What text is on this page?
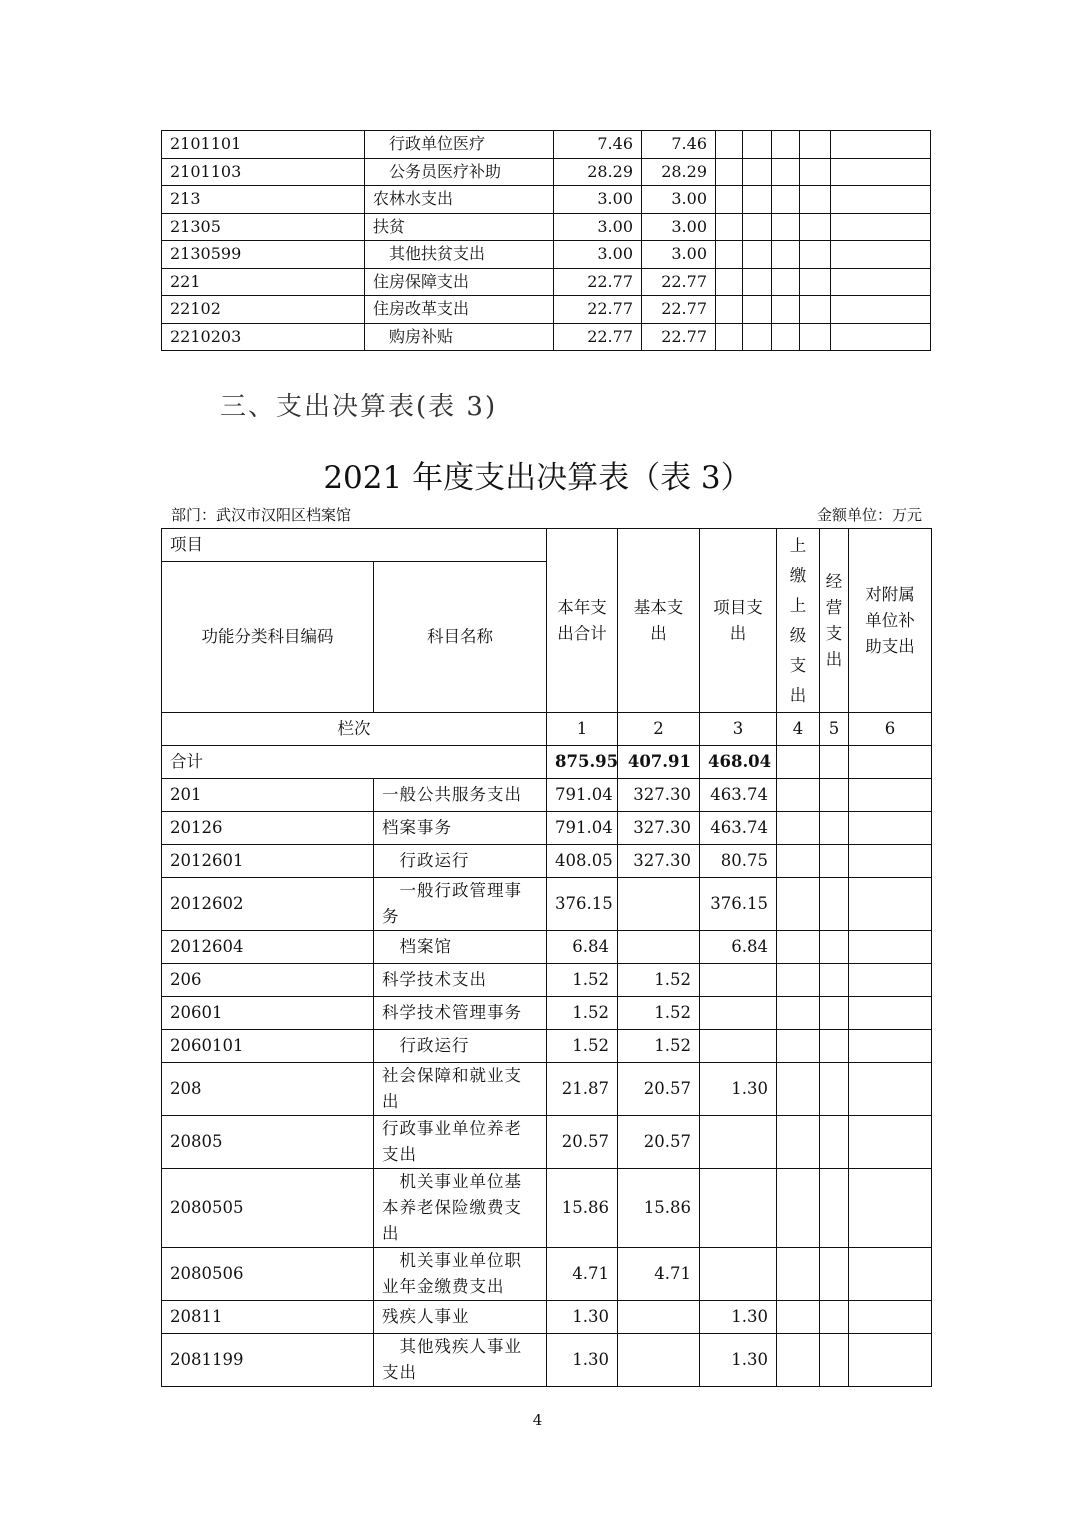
2101101	　行政单位医疗	7.46	7.46					
2101103	　公务员医疗补助	28.29	28.29					
213	农林水支出	3.00	3.00					
21305	扶贫	3.00	3.00					
2130599	　其他扶贫支出	3.00	3.00					
221	住房保障支出	22.77	22.77					
22102	住房改革支出	22.77	22.77					
2210203	　购房补贴	22.77	22.77					
三、支出决算表(表 3)
2021 年度支出决算表（表 3）
部门：武汉市汉阳区档案馆	金额单位：万元
项目		本年支出合计	基本支出	项目支出	上缴上级支出	经营支出	对附属单位补助支出
功能分类科目编码	科目名称						
栏次		1	2	3	4	5	6
合计		875.95	407.91	468.04			
201	一般公共服务支出	791.04	327.30	463.74			
20126	档案事务	791.04	327.30	463.74			
2012601	　行政运行	408.05	327.30	80.75			
2012602	　一般行政管理事务	376.15		376.15			
2012604	　档案馆	6.84		6.84			
206	科学技术支出	1.52	1.52				
20601	科学技术管理事务	1.52	1.52				
2060101	　行政运行	1.52	1.52				
208	社会保障和就业支出	21.87	20.57	1.30			
20805	行政事业单位养老支出	20.57	20.57				
2080505	　机关事业单位基本养老保险缴费支出	15.86	15.86				
2080506	　机关事业单位职业年金缴费支出	4.71	4.71				
20811	残疾人事业	1.30		1.30			
2081199	　其他残疾人事业支出	1.30		1.30			
4
